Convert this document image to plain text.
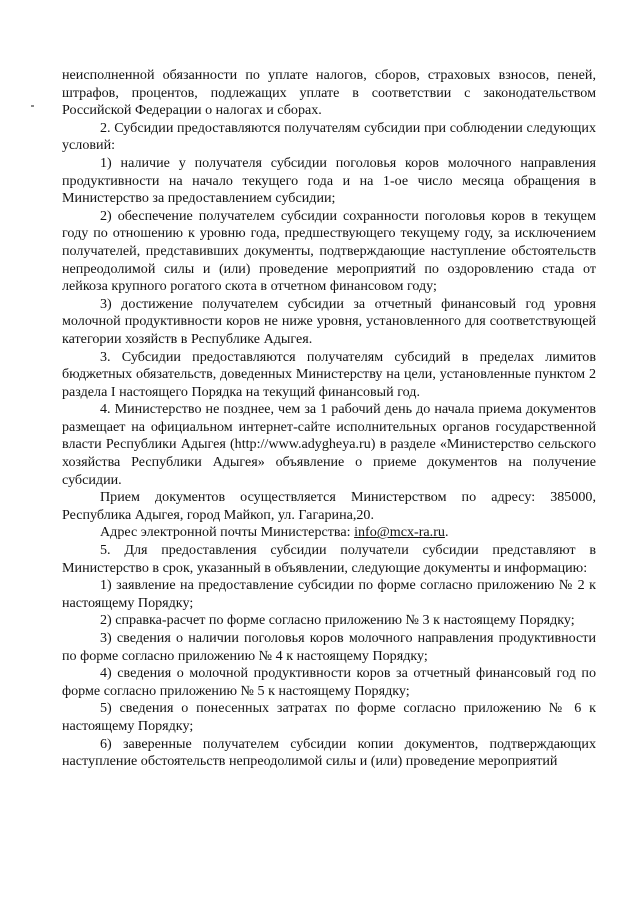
неисполненной обязанности по уплате налогов, сборов, страховых взносов, пеней, штрафов, процентов, подлежащих уплате в соответствии с законодательством Российской Федерации о налогах и сборах.

2. Субсидии предоставляются получателям субсидии при соблюдении следующих условий:

1) наличие у получателя субсидии поголовья коров молочного направления продуктивности на начало текущего года и на 1-ое число месяца обращения в Министерство за предоставлением субсидии;

2) обеспечение получателем субсидии сохранности поголовья коров в текущем году по отношению к уровню года, предшествующего текущему году, за исключением получателей, представивших документы, подтверждающие наступление обстоятельств непреодолимой силы и (или) проведение мероприятий по оздоровлению стада от лейкоза крупного рогатого скота в отчетном финансовом году;

3) достижение получателем субсидии за отчетный финансовый год уровня молочной продуктивности коров не ниже уровня, установленного для соответствующей категории хозяйств в Республике Адыгея.

3. Субсидии предоставляются получателям субсидий в пределах лимитов бюджетных обязательств, доведенных Министерству на цели, установленные пунктом 2 раздела I настоящего Порядка на текущий финансовый год.

4. Министерство не позднее, чем за 1 рабочий день до начала приема документов размещает на официальном интернет-сайте исполнительных органов государственной власти Республики Адыгея (http://www.adygheya.ru) в разделе «Министерство сельского хозяйства Республики Адыгея» объявление о приеме документов на получение субсидии.

Прием документов осуществляется Министерством по адресу: 385000, Республика Адыгея, город Майкоп, ул. Гагарина,20.

Адрес электронной почты Министерства: info@mcx-ra.ru.

5. Для предоставления субсидии получатели субсидии представляют в Министерство в срок, указанный в объявлении, следующие документы и информацию:

1) заявление на предоставление субсидии по форме согласно приложению № 2 к настоящему Порядку;

2) справка-расчет по форме согласно приложению № 3 к настоящему Порядку;

3) сведения о наличии поголовья коров молочного направления продуктивности по форме согласно приложению № 4 к настоящему Порядку;

4) сведения о молочной продуктивности коров за отчетный финансовый год по форме согласно приложению № 5 к настоящему Порядку;

5) сведения о понесенных затратах по форме согласно приложению № 6 к настоящему Порядку;

6) заверенные получателем субсидии копии документов, подтверждающих наступление обстоятельств непреодолимой силы и (или) проведение мероприятий
